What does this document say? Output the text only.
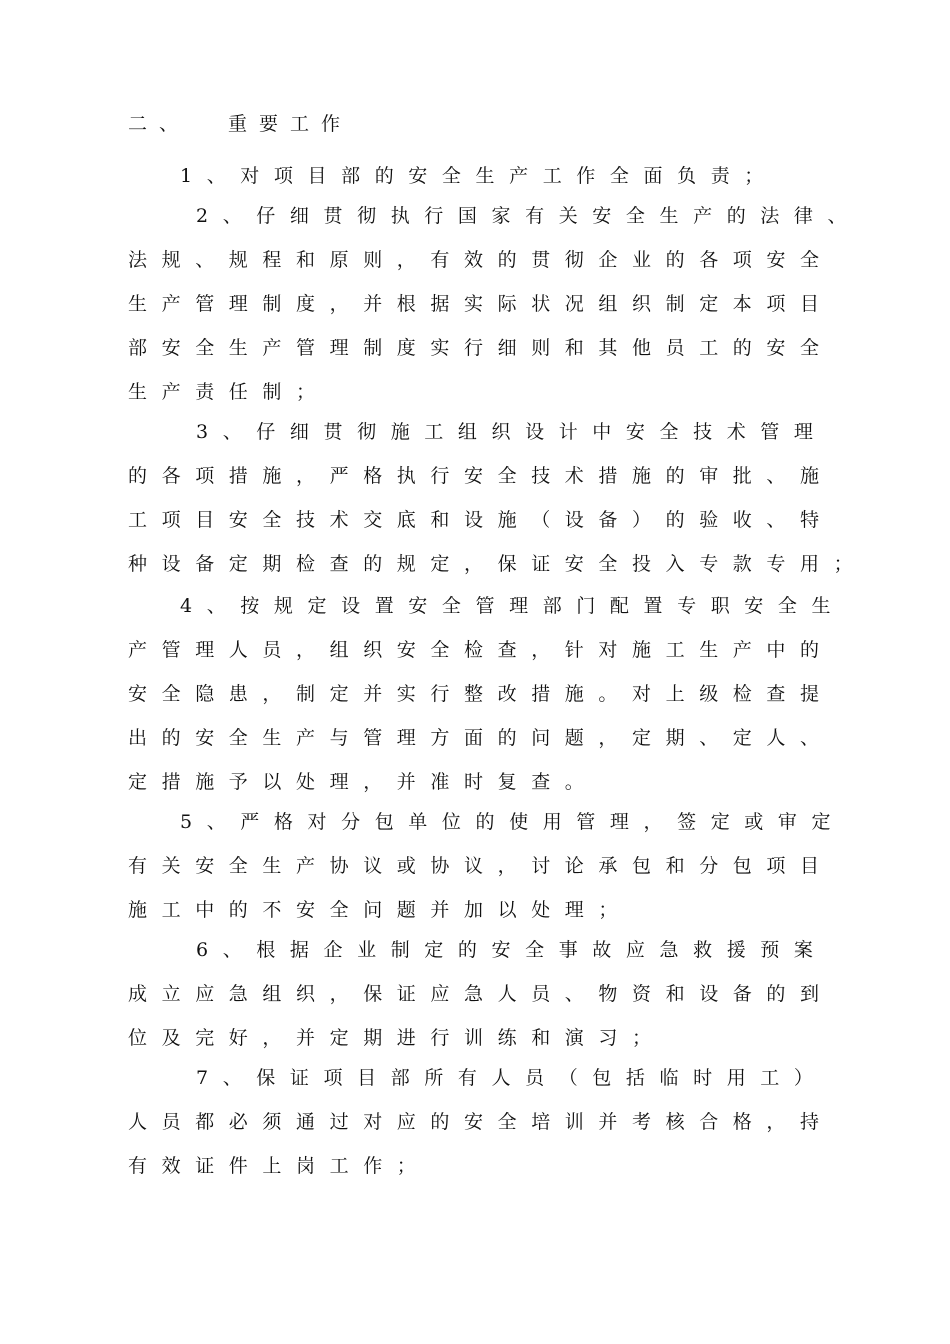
二、 重要工作
1、对项目部的安全生产工作全面负责；
2、仔细贯彻执行国家有关安全生产的法律、
法规、规程和原则，有效的贯彻企业的各项安全
生产管理制度，并根据实际状况组织制定本项目
部安全生产管理制度实行细则和其他员工的安全
生产责任制；
3、仔细贯彻施工组织设计中安全技术管理
的各项措施，严格执行安全技术措施的审批、施
工项目安全技术交底和设施（设备）的验收、特
种设备定期检查的规定，保证安全投入专款专用；
4、按规定设置安全管理部门配置专职安全生
产管理人员，组织安全检查，针对施工生产中的
安全隐患，制定并实行整改措施。对上级检查提
出的安全生产与管理方面的问题，定期、定人、
定措施予以处理，并准时复查。
5、严格对分包单位的使用管理，签定或审定
有关安全生产协议或协议，讨论承包和分包项目
施工中的不安全问题并加以处理；
6、根据企业制定的安全事故应急救援预案
成立应急组织，保证应急人员、物资和设备的到
位及完好，并定期进行训练和演习；
7、保证项目部所有人员（包括临时用工）
人员都必须通过对应的安全培训并考核合格，持
有效证件上岗工作；
